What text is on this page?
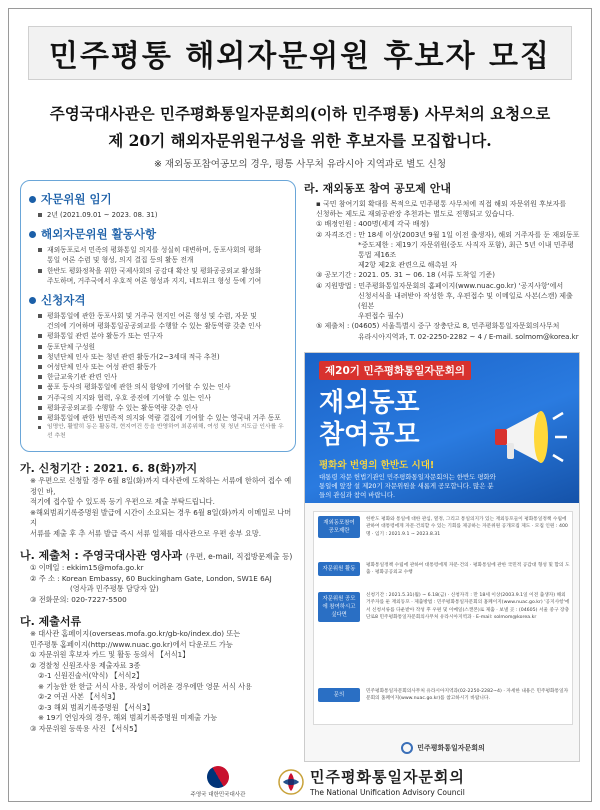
민주평통 해외자문위원 후보자 모집
주영국대사관은 민주평화통일자문회의(이하 민주평통) 사무처의 요청으로
제 20기 해외자문위원구성을 위한 후보자를 모집합니다.
※ 재외동포참여공모의 경우, 평통 사무처 유라시아 지역과로 별도 신청
자문위원 임기
2년 (2021.09.01 ~ 2023. 08. 31)
해외자문위원 활동사항
재외동포로서 민족의 평화통일 의지를 성실히 대변하며, 동포사회의 평화
통일 여론 수렴 및 형성, 의지 결집 등의 활동 전개
한반도 평화정착을 위한 국제사회의 공감대 확산 및 평화공공외교 활성화
주도하며, 거주국에서 우호적 여론 형성과 지지, 네트워크 형성 등에 기여
신청자격
평화통일에 관한 동포사회 및 거주국 현지인 여론 형성 및 수렴, 자문 및
건의에 기여하며 평화통일공공외교를 수행할 수 있는 활동역량 갖춘 인사
평화통일 관련 분야 활동가 또는 연구자
동포단체 구성원
청년단체 인사 또는 청년 관련 활동가(2~3세대 적극 추천)
여성단체 인사 또는 여성 관련 활동가
한글교육기관 관련 인사
품포 등사의 평화통일에 관한 의식 함양에 기여할 수 있는 인사
거주국의 지지와 협력, 우호 증진에 기여할 수 있는 인사
평화공공외교를 수행할 수 있는 활동역량 갖춘 인사
평화통일에 관한 범민족적 의지와 역량 결집에 기여할 수 있는 영국내 거주 동포
임명안, 활발히 동은 활동력, 현지여건 등을 반영하여 최종위해, 여성 및 청년 지도급 인사를 우선 추천
가. 신청기간 : 2021. 6. 8(화)까지
※ 우편으로 신청할 경우 6월 8일(화)까지 대사관에 도착하는 서류에 한하여 접수 예정인 바,
적기에 접수할 수 있도록 등기 우편으로 제출 부탁드립니다.
※해외범죄기록증명원 발급에 시간이 소요되는 경우 6월 8일(화)까지 이메일로 나머지
서류를 제출 후 추 서류 발급 즉시 서류 일체를 대사관으로 우편 송부 요망.
나. 제출처 : 주영국대사관 영사과 (우편, e-mail, 직접방문제출 등)
① 이메일 : ekkim15@mofa.go.kr
② 주 소 : Korean Embassy, 60 Buckingham Gate, London, SW1E 6AJ
(영사과 민주평통 담당자 앞)
③ 전화문의: 020-7227-5500
다. 제출서류
※ 대사관 홈페이지(overseas.mofa.go.kr/gb-ko/index.do) 또는
민주평통 홈페이지(http://www.nuac.go.kr)에서 다운로드 가능
① 자문위원 후보자 카드 및 활동 동의서 【서식1】
② 경찰청 신원조사용 제출자료 3종
②-1 신원진술서(약식) 【서식2】
※ 기능한 한 한글 서식 사용, 작성이 어려운 경우에만 영문 서식 사용
②-2 여권 사본 【서식3】
②-3 해외 범죄기록증명원 【서식3】
※ 19기 연임자의 경우, 해외 범죄기록증명원 미제출 가능
③ 자문위원 등록용 사진 【서식5】
라. 재외동포 참여 공모제 안내
▪ 국민 참여기회 확대를 목적으로 민주평통 사무처에 직접 해외 자문위원 후보자를
신청하는 제도로 재외공관장 추천과는 별도로 진행되고 있습니다.
① 배정인원 : 400명(세계 각국 배정)
② 자격조건 : 만 18세 이상(2003년 9월 1일 이전 출생자), 해외 거주자를 둔 재외동포
*중도제한 : 제19기 자문위원(중도 사직자 포함), 최근 5년 이내 민주평통법 제16조
제2항 제2호 관련으로 해촉된 자
③ 공모기간 : 2021. 05. 31 ~ 06. 18 (서류 도착일 기준)
④ 지원방법 : 민주평화통일자문회의 홈페이지(www.nuac.go.kr) '공지사항'에서
신청서식을 내려받아 작성한 후, 우편접수 및 이메일로 사본(스캔) 제출 (원본
우편접수 필수)
⑤ 제출처 : (04605) 서울특별시 중구 장충단로 8, 민주평화통일자문회의사무처
유라시아지역과, T. 02-2250-2282 ~ 4 / E-mail. solmom@korea.kr
제20기 민주평화통일자문회의
재외동포
참여공모
평화와 번영의 한반도 시대!
대통령 자문 헌법기관인 민주평화통일자문회의는 한반도 평화와 통일에 앞장 설 제20기 자문위원을 새롭게 공모합니다. 많은 분들의 관심과 참여 바랍니다.
재외동포참여 공모제란
한반도 평화와 통일에 대한 관심, 열정, 그리고 통일의지가 있는 재외동포들이 평화통일정책 수립에 관하여 대통령에게 자문·건의할 수 있는 기회를 제공하는 자문위원 공개모집 제도 · 모집 인원 : 400명 · 임기 : 2021.9.1 ~ 2023.8.31
자문위원 활동
평화통일정책 수립에 관하여 대통령에게 자문·건의 · 평화통일에 관한 국민적 공감대 형성 및 합의 도출 · 평화공공외교 수행
자문위원 공모에 참여하시고 싶다면
신청기간 : 2021.5.31(월) ~ 6.18(금) · 신청자격 : 만 18세 이상(2003.9.1일 이전 출생자) 해외 거주자를 둔 재외동포 · 제출방법 : 민주평화통일자문회의 홈페이지(www.nuac.go.kr) '공지사항'에서 신청서류를 다운받아 작성 후 우편 및 이메일(스캔본)로 제출 · 보낼 곳 : (04605) 서울 중구 장충단로8 민주평화통일자문회의사무처 유라시아지역과 · E-mail: solmom@korea.kr
문의
민주평화통일자문회의사무처 유라시아지역과(02-2250-2282~4) · 자세한 내용은 민주평화통일자문회의 홈페이지(www.nuac.go.kr)를 참고하시기 바랍니다.
민주평화통일자문회의
주영국 대한민국대사관
민주평화통일자문회의
The National Unification Advisory Council
